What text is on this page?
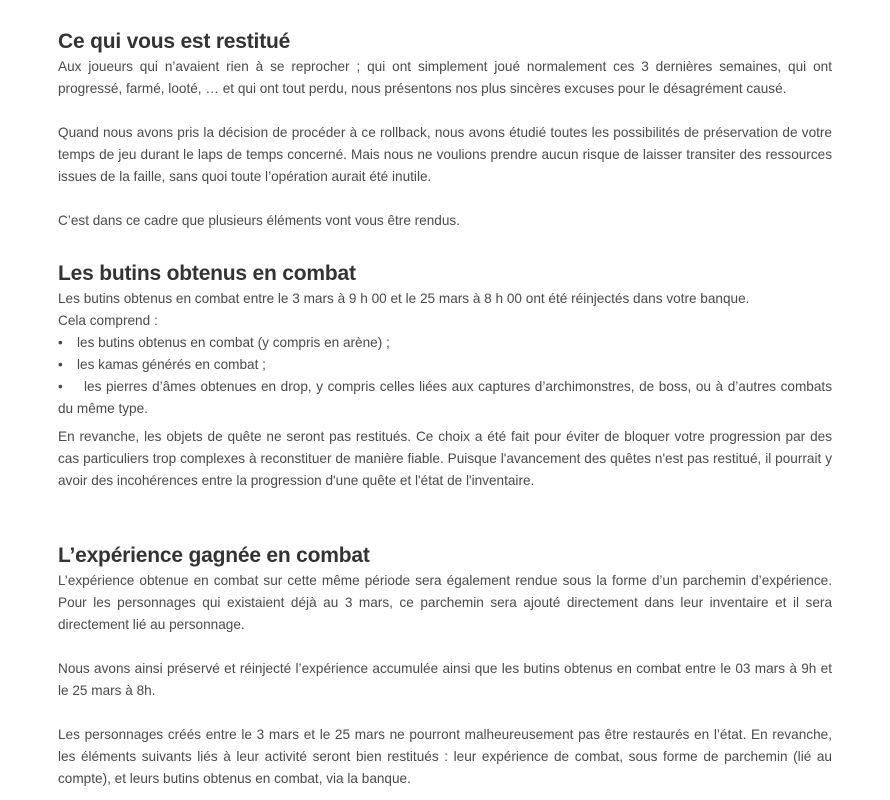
Ce qui vous est restitué

Aux joueurs qui n’avaient rien à se reprocher ; qui ont simplement joué normalement ces 3 dernières semaines, qui ont progressé, farmé, looté, … et qui ont tout perdu, nous présentons nos plus sincères excuses pour le désagrément causé.

Quand nous avons pris la décision de procéder à ce rollback, nous avons étudié toutes les possibilités de préservation de votre temps de jeu durant le laps de temps concerné. Mais nous ne voulions prendre aucun risque de laisser transiter des ressources issues de la faille, sans quoi toute l’opération aurait été inutile.

C’est dans ce cadre que plusieurs éléments vont vous être rendus.

Les butins obtenus en combat

Les butins obtenus en combat entre le 3 mars à 9 h 00 et le 25 mars à 8 h 00 ont été réinjectés dans votre banque.

Cela comprend :

•	les butins obtenus en combat (y compris en arène) ;
•	les kamas générés en combat ;
• les pierres d’âmes obtenues en drop, y compris celles liées aux captures d’archimonstres, de boss, ou à d’autres combats du même type.

En revanche, les objets de quête ne seront pas restitués. Ce choix a été fait pour éviter de bloquer votre progression par des cas particuliers trop complexes à reconstituer de manière fiable. Puisque l'avancement des quêtes n'est pas restitué, il pourrait y avoir des incohérences entre la progression d'une quête et l'état de l'inventaire.

L’expérience gagnée en combat

L’expérience obtenue en combat sur cette même période sera également rendue sous la forme d’un parchemin d’expérience. Pour les personnages qui existaient déjà au 3 mars, ce parchemin sera ajouté directement dans leur inventaire et il sera directement lié au personnage.

Nous avons ainsi préservé et réinjecté l’expérience accumulée ainsi que les butins obtenus en combat entre le 03 mars à 9h et le 25 mars à 8h.

Les personnages créés entre le 3 mars et le 25 mars ne pourront malheureusement pas être restaurés en l’état. En revanche, les éléments suivants liés à leur activité seront bien restitués : leur expérience de combat, sous forme de parchemin (lié au compte), et leurs butins obtenus en combat, via la banque.
